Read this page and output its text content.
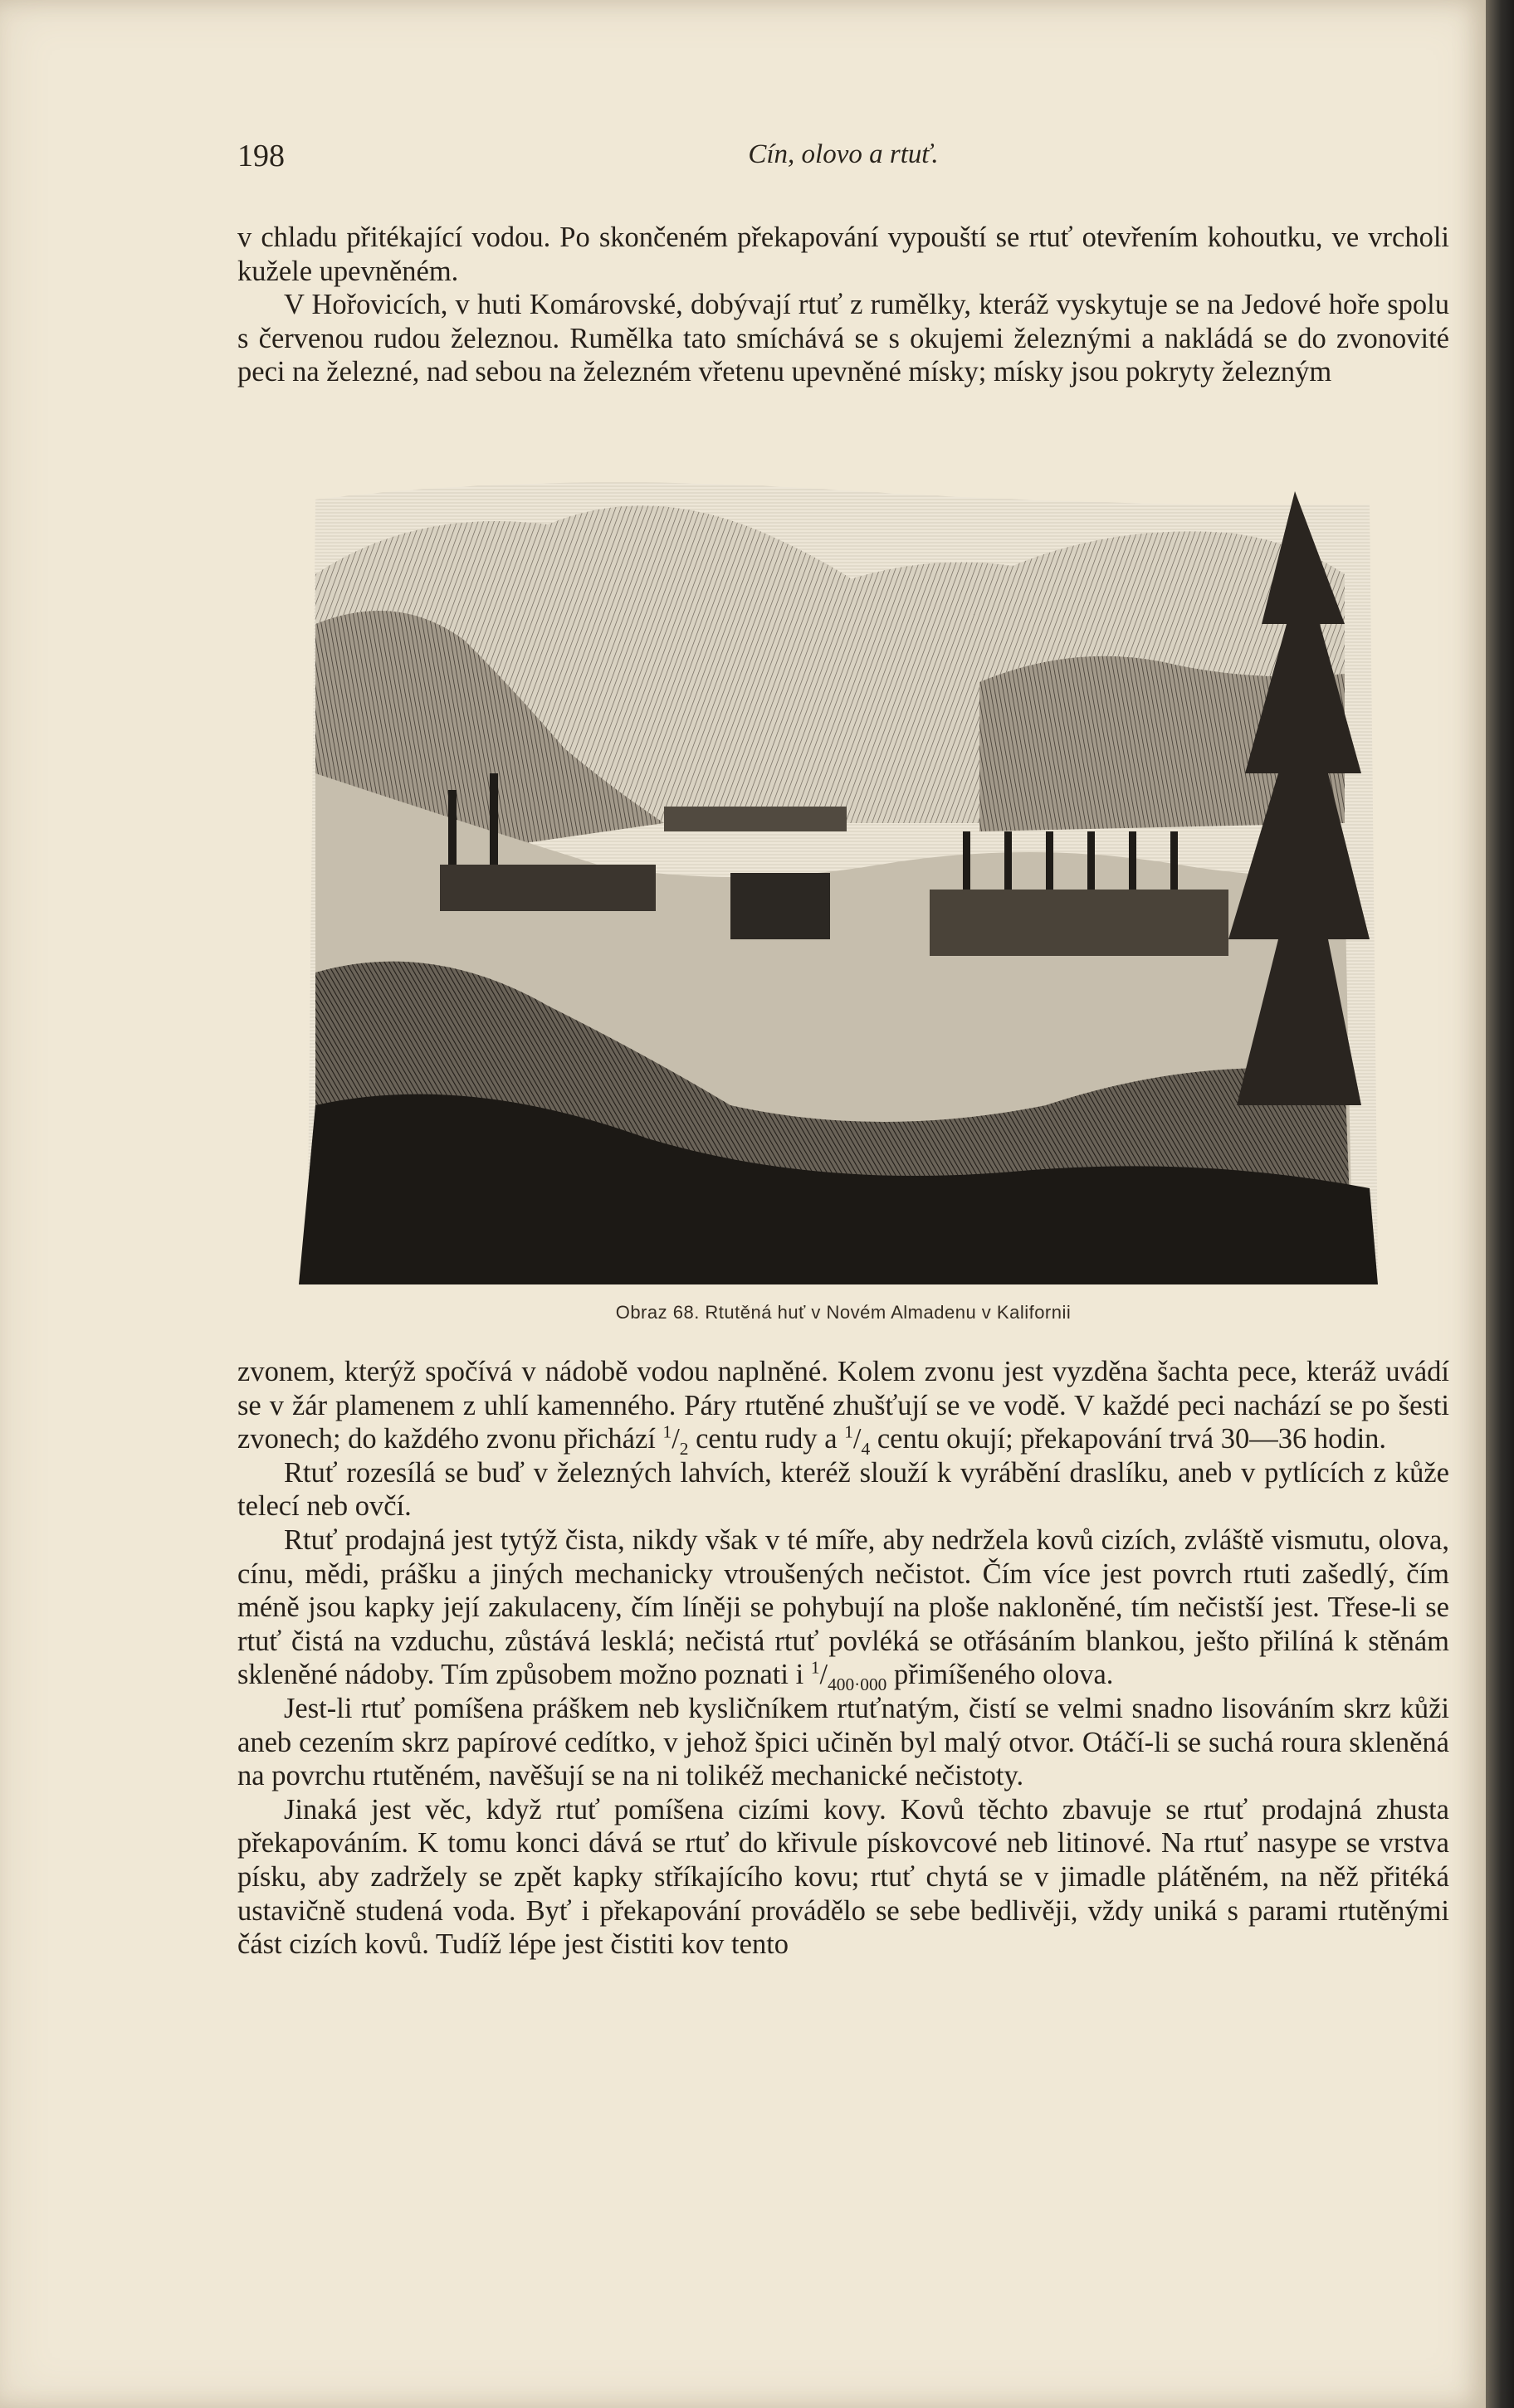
198	Cín, olovo a rtuť.

v chladu přitékající vodou. Po skončeném překapování vypouští se rtuť otevřením kohoutku, ve vrcholi kužele upevněném.

V Hořovicích, v huti Komárovské, dobývají rtuť z rumělky, kteráž vyskytuje se na Jedové hoře spolu s červenou rudou železnou. Rumělka tato smíchává se s okujemi železnými a nakládá se do zvonovité peci na železné, nad sebou na železném vřetenu upevněné mísky; mísky jsou pokryty železným

Obraz 68. Rtutěná huť v Novém Almadenu v Kalifornii

zvonem, kterýž spočívá v nádobě vodou naplněné. Kolem zvonu jest vyzděna šachta pece, kteráž uvádí se v žár plamenem z uhlí kamenného. Páry rtutěné zhušťují se ve vodě. V každé peci nachází se po šesti zvonech; do každého zvonu přichází $^1/_2$ centu rudy a $^1/_4$ centu okují; překapování trvá 30—36 hodin.

Rtuť rozesílá se buď v železných lahvích, kteréž slouží k vyrábění draslíku, aneb v pytlících z kůže telecí neb ovčí.

Rtuť prodajná jest tytýž čista, nikdy však v té míře, aby nedržela kovů cizích, zvláště vismutu, olova, cínu, mědi, prášku a jiných mechanicky vtroušených nečistot. Čím více jest povrch rtuti zašedlý, čím méně jsou kapky její zakulaceny, čím líněji se pohybují na ploše nakloněné, tím nečistší jest. Třese-li se rtuť čistá na vzduchu, zůstává lesklá; nečistá rtuť povléká se otřásáním blankou, ješto přilíná k stěnám skleněné nádoby. Tím způsobem možno poznati i $^1/_{400\cdot 000}$ přimíšeného olova.

Jest-li rtuť pomíšena práškem neb kysličníkem rtuťnatým, čistí se velmi snadno lisováním skrz kůži aneb cezením skrz papírové cedítko, v jehož špici učiněn byl malý otvor. Otáčí-li se suchá roura skleněná na povrchu rtutěném, navěšují se na ni tolikéž mechanické nečistoty.

Jinaká jest věc, když rtuť pomíšena cizími kovy. Kovů těchto zbavuje se rtuť prodajná zhusta překapováním. K tomu konci dává se rtuť do křivule pískovcové neb litinové. Na rtuť nasype se vrstva písku, aby zadržely se zpět kapky stříkajícího kovu; rtuť chytá se v jimadle plátěném, na něž přitéká ustavičně studená voda. Byť i překapování provádělo se sebe bedlivěji, vždy uniká s parami rtutěnými část cizích kovů. Tudíž lépe jest čistiti kov tento
